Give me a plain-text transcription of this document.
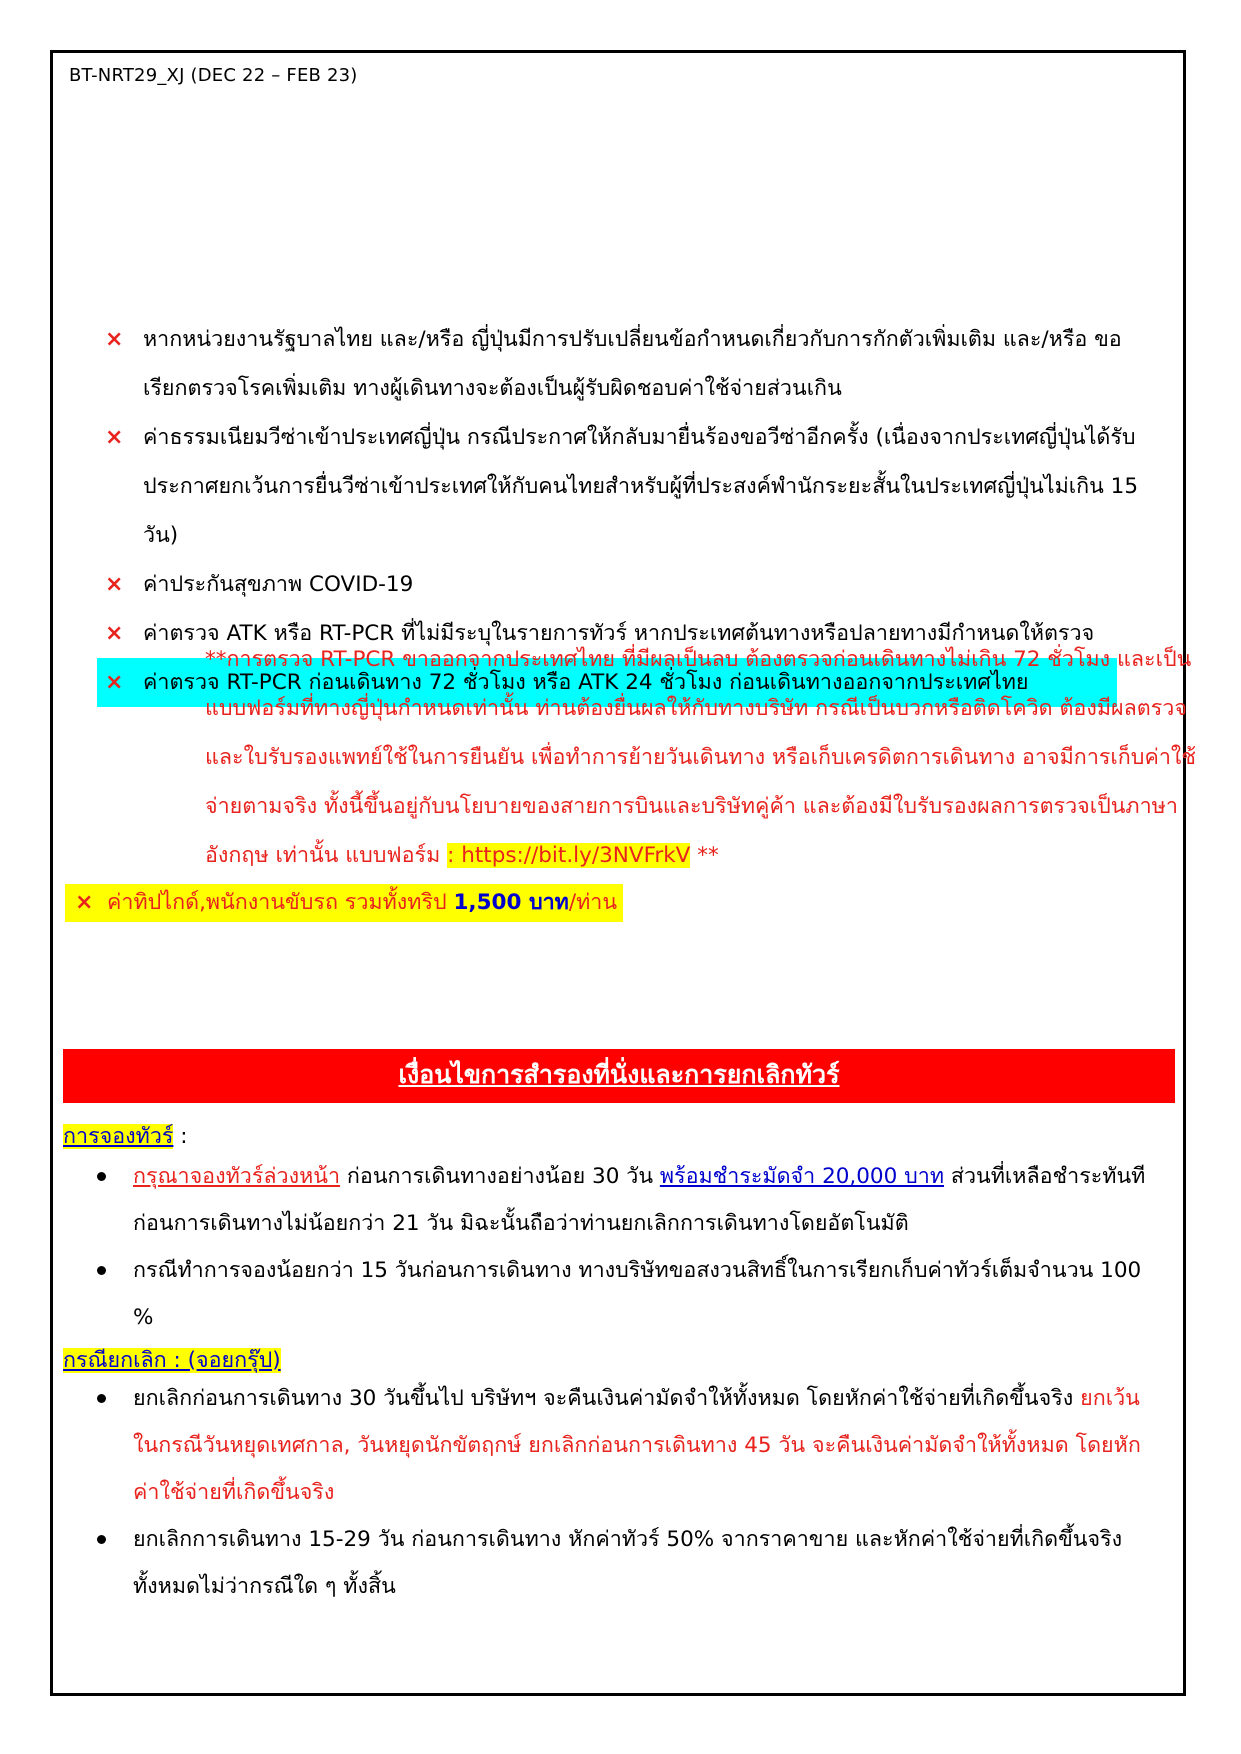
BT-NRT29_XJ (DEC 22 – FEB 23)
× หากหน่วยงานรัฐบาลไทย และ/หรือ ญี่ปุ่นมีการปรับเปลี่ยนข้อกำหนดเกี่ยวกับการกักตัวเพิ่มเติม และ/หรือ ขอเรียกตรวจโรคเพิ่มเติม ทางผู้เดินทางจะต้องเป็นผู้รับผิดชอบค่าใช้จ่ายส่วนเกิน
× ค่าธรรมเนียมวีซ่าเข้าประเทศญี่ปุ่น กรณีประกาศให้กลับมายื่นร้องขอวีซ่าอีกครั้ง (เนื่องจากประเทศญี่ปุ่นได้รับประกาศยกเว้นการยื่นวีซ่าเข้าประเทศให้กับคนไทยสำหรับผู้ที่ประสงค์พำนักระยะสั้นในประเทศญี่ปุ่นไม่เกิน 15 วัน)
× ค่าประกันสุขภาพ COVID-19
× ค่าตรวจ ATK หรือ RT-PCR ที่ไม่มีระบุในรายการทัวร์ หากประเทศต้นทางหรือปลายทางมีกำหนดให้ตรวจ
× ค่าตรวจ RT-PCR ก่อนเดินทาง 72 ชั่วโมง หรือ ATK 24 ชั่วโมง ก่อนเดินทางออกจากประเทศไทย
**การตรวจ RT-PCR ขาออกจากประเทศไทย ที่มีผลเป็นลบ ต้องตรวจก่อนเดินทางไม่เกิน 72 ชั่วโมง และเป็นแบบฟอร์มที่ทางญี่ปุ่นกำหนดเท่านั้น ท่านต้องยื่นผลให้กับทางบริษัท กรณีเป็นบวกหรือติดโควิด ต้องมีผลตรวจและใบรับรองแพทย์ใช้ในการยืนยัน เพื่อทำการย้ายวันเดินทาง หรือเก็บเครดิตการเดินทาง อาจมีการเก็บค่าใช้จ่ายตามจริง ทั้งนี้ขึ้นอยู่กับนโยบายของสายการบินและบริษัทคู่ค้า และต้องมีใบรับรองผลการตรวจเป็นภาษาอังกฤษ เท่านั้น แบบฟอร์ม : https://bit.ly/3NVFrkV **
× ค่าทิปไกด์,พนักงานขับรถ รวมทั้งทริป 1,500 บาท/ท่าน
เงื่อนไขการสำรองที่นั่งและการยกเลิกทัวร์
การจองทัวร์ :
กรุณาจองทัวร์ล่วงหน้า ก่อนการเดินทางอย่างน้อย 30 วัน พร้อมชำระมัดจำ 20,000 บาท ส่วนที่เหลือชำระทันทีก่อนการเดินทางไม่น้อยกว่า 21 วัน มิฉะนั้นถือว่าท่านยกเลิกการเดินทางโดยอัตโนมัติ
กรณีทำการจองน้อยกว่า 15 วันก่อนการเดินทาง ทางบริษัทขอสงวนสิทธิ์ในการเรียกเก็บค่าทัวร์เต็มจำนวน 100 %
กรณียกเลิก : (จอยกรุ๊ป)
ยกเลิกก่อนการเดินทาง 30 วันขึ้นไป บริษัทฯ จะคืนเงินค่ามัดจำให้ทั้งหมด โดยหักค่าใช้จ่ายที่เกิดขึ้นจริง ยกเว้นในกรณีวันหยุดเทศกาล, วันหยุดนักขัตฤกษ์ ยกเลิกก่อนการเดินทาง 45 วัน จะคืนเงินค่ามัดจำให้ทั้งหมด โดยหักค่าใช้จ่ายที่เกิดขึ้นจริง
ยกเลิกการเดินทาง 15-29 วัน ก่อนการเดินทาง หักค่าทัวร์ 50% จากราคาขาย และหักค่าใช้จ่ายที่เกิดขึ้นจริงทั้งหมดไม่ว่ากรณีใด ๆ ทั้งสิ้น
